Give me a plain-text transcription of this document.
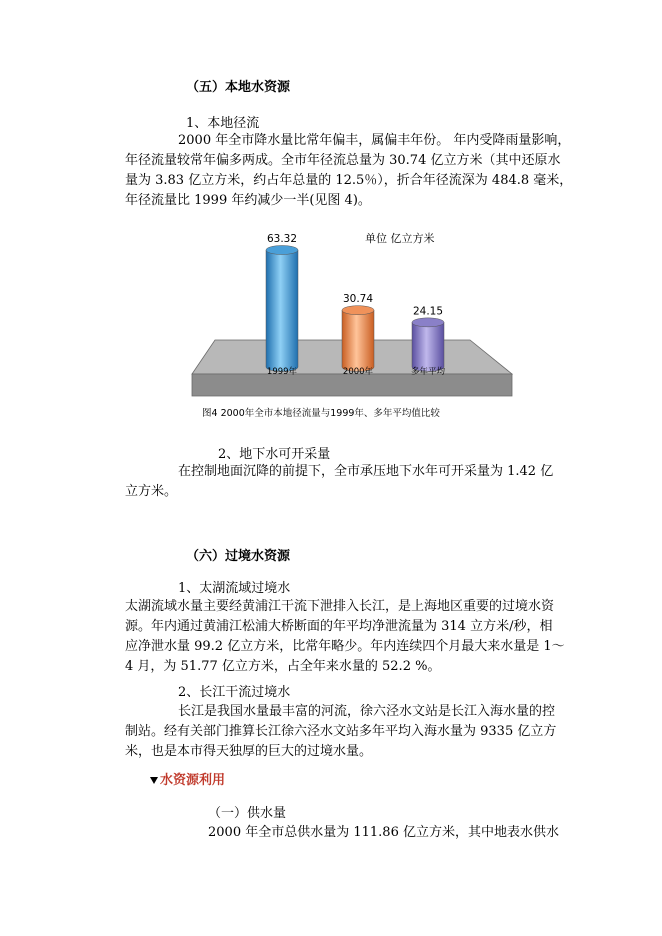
（五）本地水资源
1、本地径流
2000 年全市降水量比常年偏丰，属偏丰年份。 年内受降雨量影响，
年径流量较常年偏多两成。全市年径流总量为 30.74 亿立方米（其中还原水
量为 3.83 亿立方米，约占年总量的 12.5％），折合年径流深为 484.8 毫米，
年径流量比 1999 年约减少一半(见图 4)。
63.32
1999年
30.74
2000年
24.15
多年平均
单位 亿立方米
图4 2000年全市本地径流量与1999年、多年平均值比较
2、地下水可开采量
在控制地面沉降的前提下，全市承压地下水年可开采量为 1.42 亿
立方米。
（六）过境水资源
1、太湖流域过境水
太湖流域水量主要经黄浦江干流下泄排入长江，是上海地区重要的过境水资
源。年内通过黄浦江松浦大桥断面的年平均净泄流量为 314 立方米/秒，相
应净泄水量 99.2 亿立方米，比常年略少。年内连续四个月最大来水量是 1～
4 月，为 51.77 亿立方米，占全年来水量的 52.2 %。
2、长江干流过境水
长江是我国水量最丰富的河流，徐六泾水文站是长江入海水量的控
制站。经有关部门推算长江徐六泾水文站多年平均入海水量为 9335 亿立方
米，也是本市得天独厚的巨大的过境水量。
水资源利用
（一）供水量
2000 年全市总供水量为 111.86 亿立方米，其中地表水供水
